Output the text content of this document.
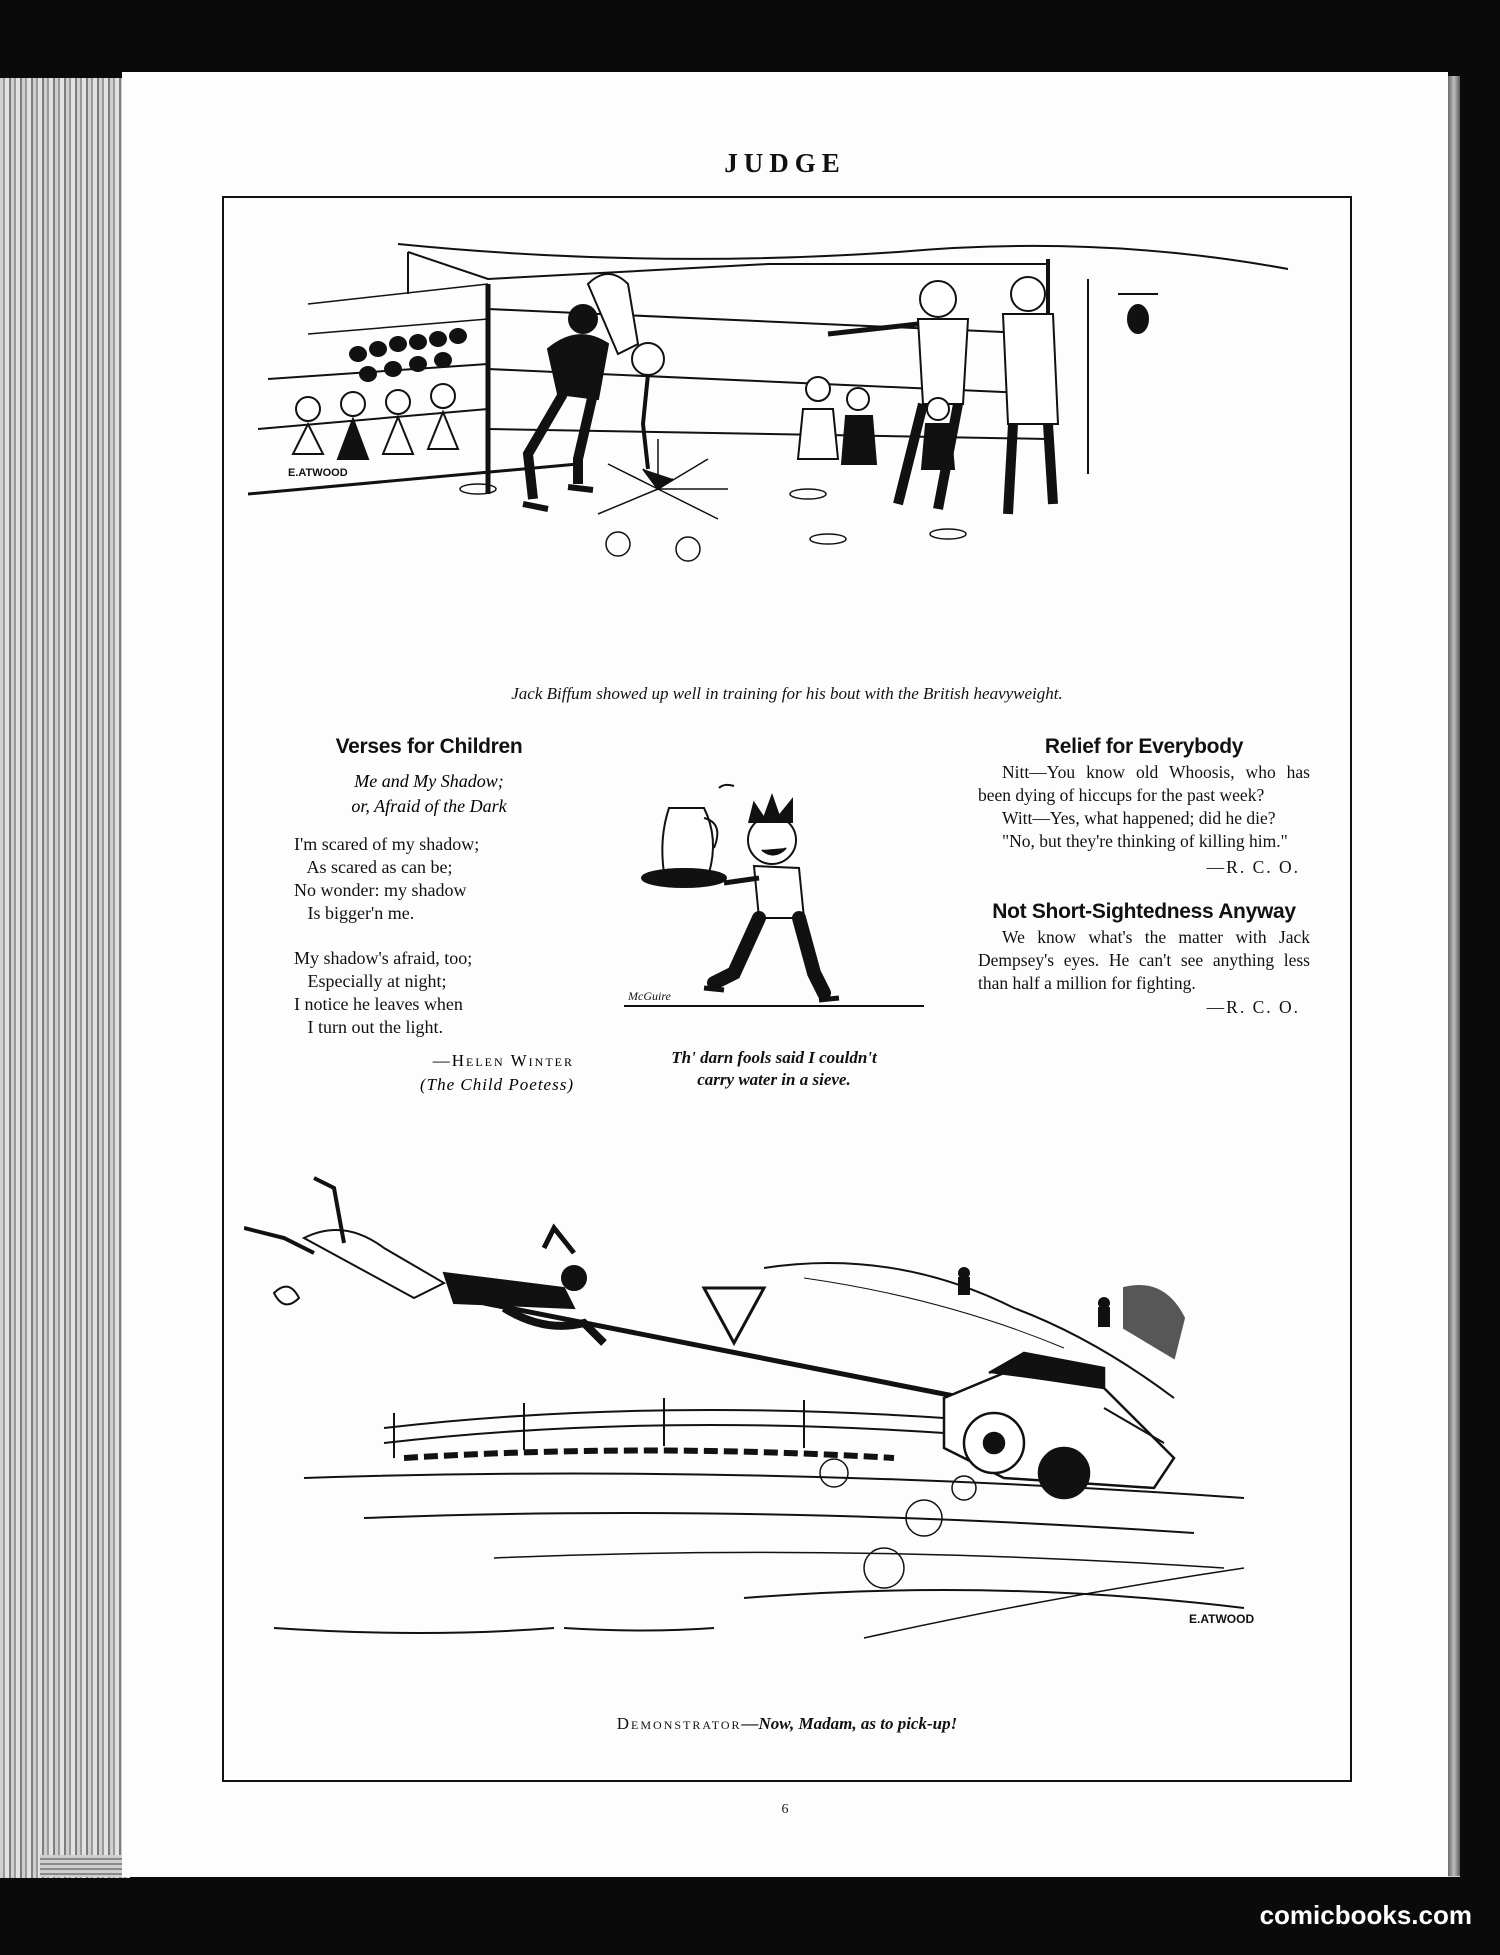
JUDGE
E.ATWOOD
Jack Biffum showed up well in training for his bout with the British heavyweight.
Verses for Children
Me and My Shadow;
or, Afraid of the Dark
I'm scared of my shadow;
As scared as can be;
No wonder: my shadow
Is bigger'n me.
My shadow's afraid, too;
Especially at night;
I notice he leaves when
I turn out the light.
—Helen Winter
(The Child Poetess)
McGuire
Th' darn fools said I couldn't
carry water in a sieve.
Relief for Everybody
Nitt—You know old Whoosis, who has been dying of hiccups for the past week?
Witt—Yes, what happened; did he die?
"No, but they're thinking of killing him."
—R. C. O.
Not Short-Sightedness Anyway
We know what's the matter with Jack Dempsey's eyes. He can't see anything less than half a million for fighting.
—R. C. O.
E.ATWOOD
Demonstrator—Now, Madam, as to pick-up!
6
comicbooks.com
